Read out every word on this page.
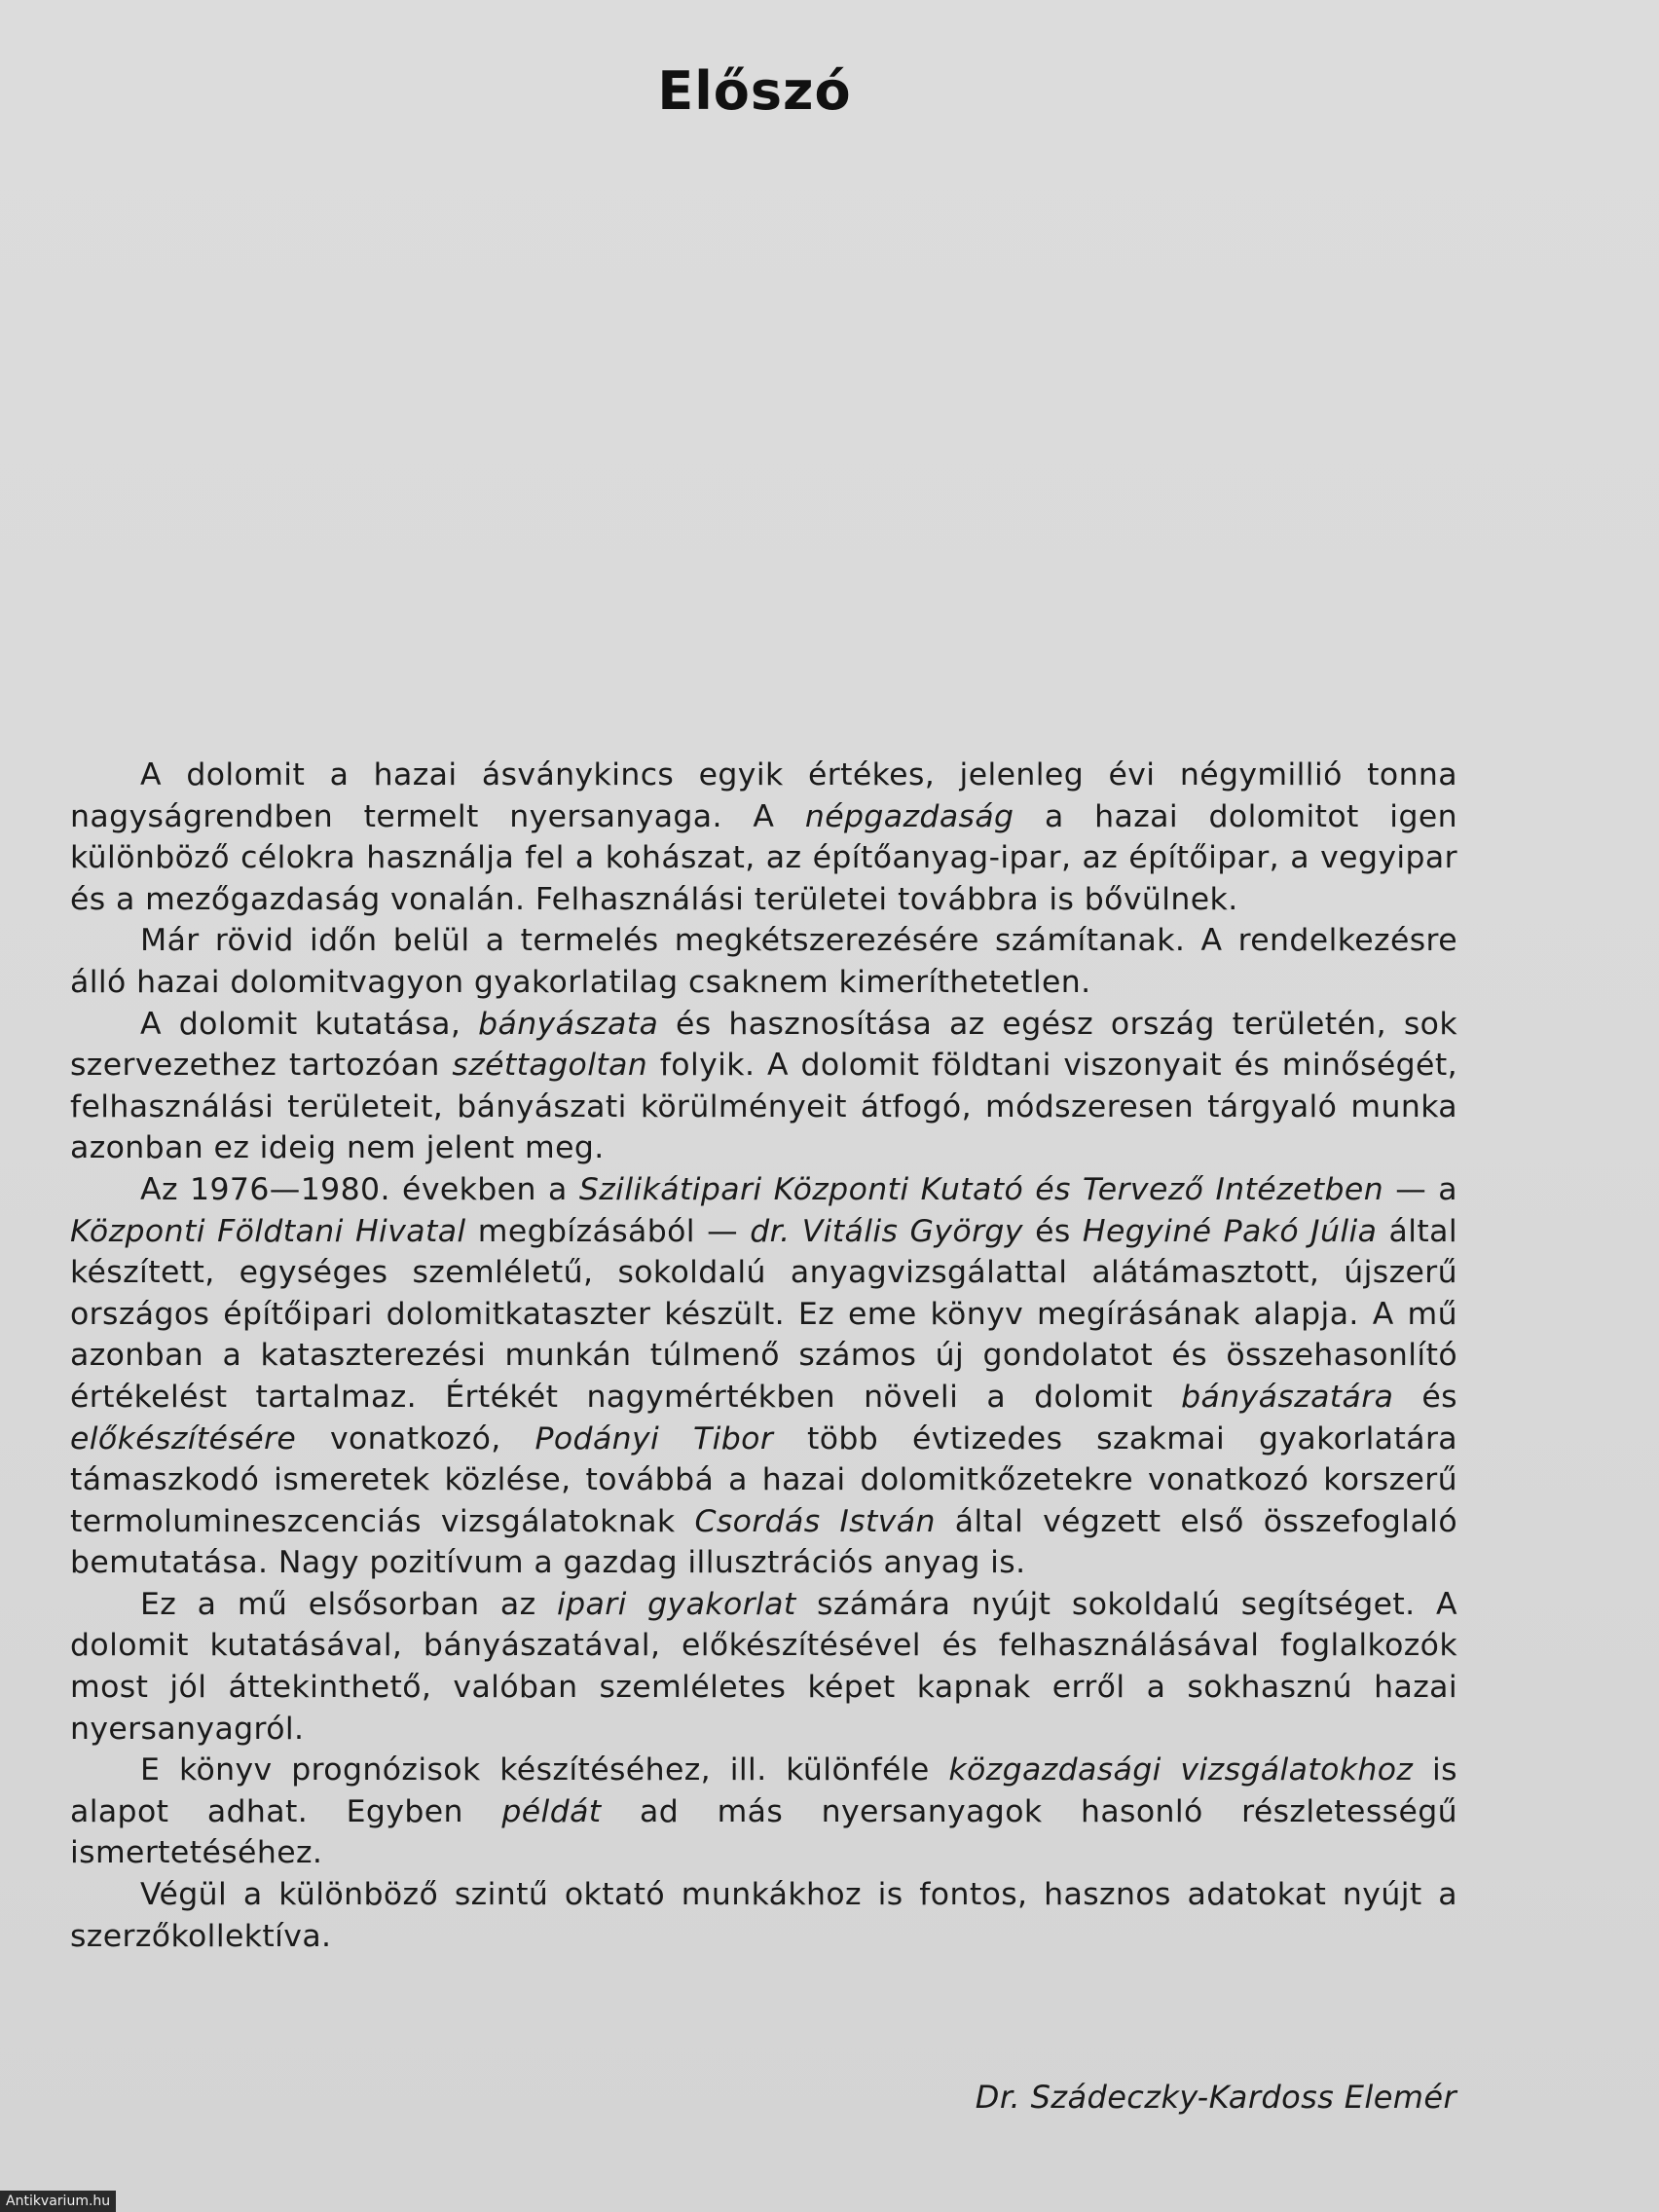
Előszó

A dolomit a hazai ásványkincs egyik értékes, jelenleg évi négymillió tonna nagyságrendben termelt nyersanyaga. A népgazdaság a hazai dolomitot igen különböző célokra használja fel a kohászat, az építőanyag-ipar, az építőipar, a vegyipar és a mezőgazdaság vonalán. Felhasználási területei továbbra is bővülnek.

Már rövid időn belül a termelés megkétszerezésére számítanak. A rendelkezésre álló hazai dolomitvagyon gyakorlatilag csaknem kimeríthetetlen.

A dolomit kutatása, bányászata és hasznosítása az egész ország területén, sok szervezethez tartozóan széttagoltan folyik. A dolomit földtani viszonyait és minőségét, felhasználási területeit, bányászati körülményeit átfogó, módszeresen tárgyaló munka azonban ez ideig nem jelent meg.

Az 1976—1980. években a Szilikátipari Központi Kutató és Tervező Intézetben — a Központi Földtani Hivatal megbízásából — dr. Vitális György és Hegyiné Pakó Júlia által készített, egységes szemléletű, sokoldalú anyagvizsgálattal alátámasztott, újszerű országos építőipari dolomitkataszter készült. Ez eme könyv megírásának alapja. A mű azonban a kataszterezési munkán túlmenő számos új gondolatot és összehasonlító értékelést tartalmaz. Értékét nagymértékben növeli a dolomit bányászatára és előkészítésére vonatkozó, Podányi Tibor több évtizedes szakmai gyakorlatára támaszkodó ismeretek közlése, továbbá a hazai dolomitkőzetekre vonatkozó korszerű termolumineszcenciás vizsgálatoknak Csordás István által végzett első összefoglaló bemutatása. Nagy pozitívum a gazdag illusztrációs anyag is.

Ez a mű elsősorban az ipari gyakorlat számára nyújt sokoldalú segítséget. A dolomit kutatásával, bányászatával, előkészítésével és felhasználásával foglalkozók most jól áttekinthető, valóban szemléletes képet kapnak erről a sokhasznú hazai nyersanyagról.

E könyv prognózisok készítéséhez, ill. különféle közgazdasági vizsgálatokhoz is alapot adhat. Egyben példát ad más nyersanyagok hasonló részletességű ismertetéséhez.

Végül a különböző szintű oktató munkákhoz is fontos, hasznos adatokat nyújt a szerzőkollektíva.

Dr. Szádeczky-Kardoss Elemér
Antikvarium.hu
